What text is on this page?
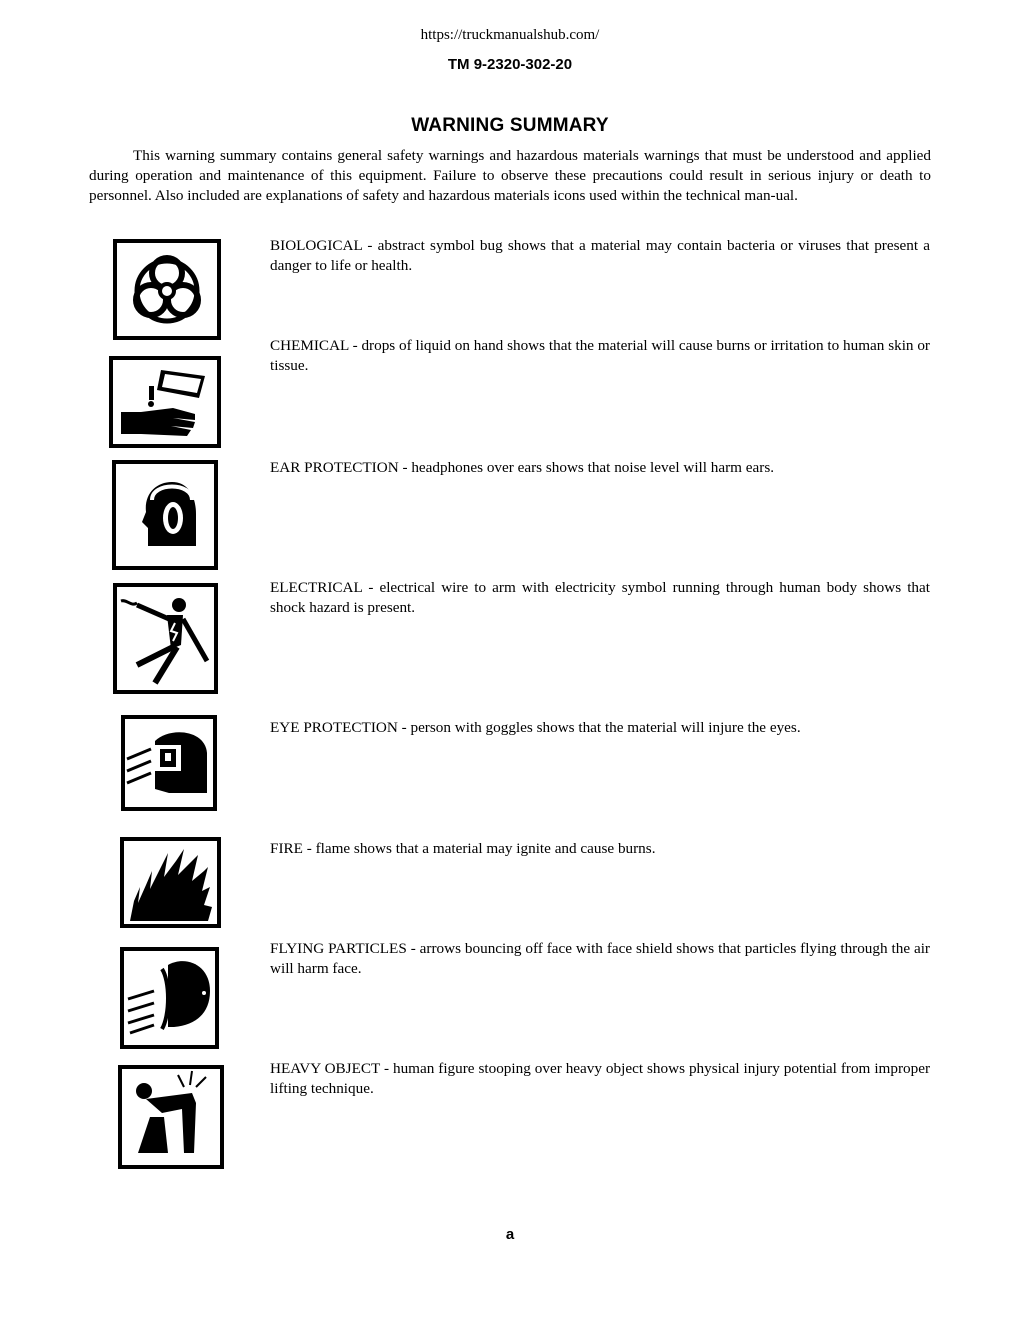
https://truckmanualshub.com/
TM 9-2320-302-20
WARNING SUMMARY

This warning summary contains general safety warnings and hazardous materials warnings that must be understood and applied during operation and maintenance of this equipment. Failure to observe these precautions could result in serious injury or death to personnel. Also included are explanations of safety and hazardous materials icons used within the technical man-ual.

BIOLOGICAL - abstract symbol bug shows that a material may contain bacteria or viruses that present a danger to life or health.

CHEMICAL - drops of liquid on hand shows that the material will cause burns or irritation to human skin or tissue.

EAR PROTECTION - headphones over ears shows that noise level will harm ears.

ELECTRICAL - electrical wire to arm with electricity symbol running through human body shows that shock hazard is present.

EYE PROTECTION - person with goggles shows that the material will injure the eyes.

FIRE - flame shows that a material may ignite and cause burns.

FLYING PARTICLES - arrows bouncing off face with face shield shows that particles flying through the air will harm face.

HEAVY OBJECT - human figure stooping over heavy object shows physical injury potential from improper lifting technique.

a
